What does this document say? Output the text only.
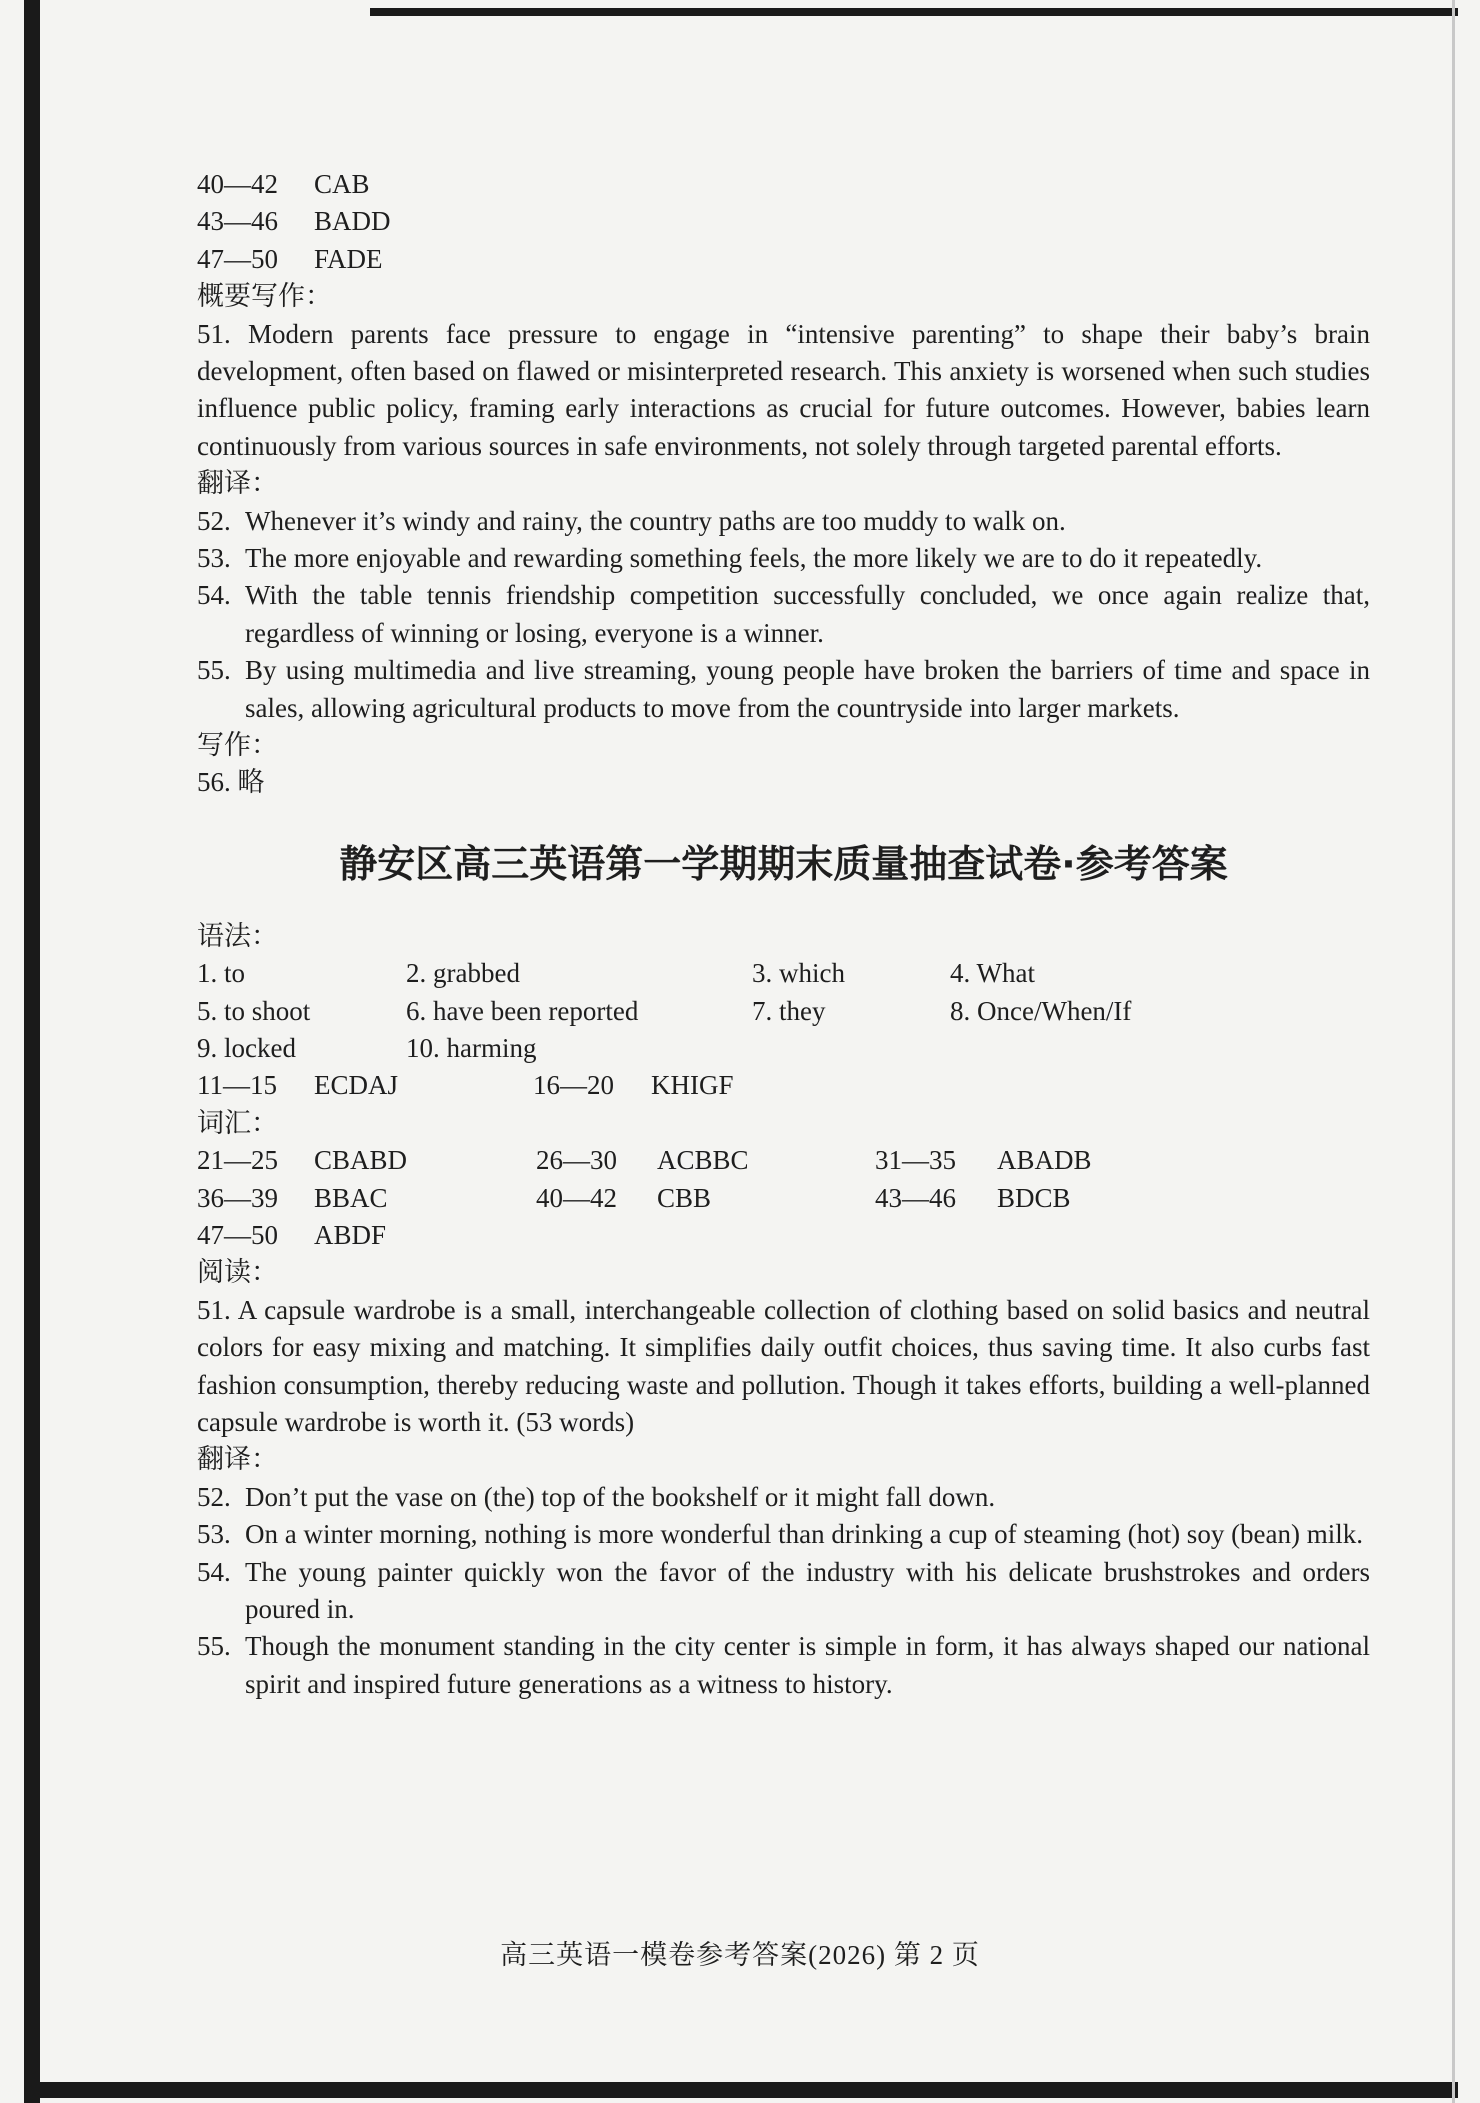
40—42 CAB
43—46 BADD
47—50 FADE
概要写作：
51. Modern parents face pressure to engage in “intensive parenting” to shape their baby’s brain development, often based on flawed or misinterpreted research. This anxiety is worsened when such studies influence public policy, framing early interactions as crucial for future outcomes. However, babies learn continuously from various sources in safe environments, not solely through targeted parental efforts.
翻译：
52. Whenever it’s windy and rainy, the country paths are too muddy to walk on.
53. The more enjoyable and rewarding something feels, the more likely we are to do it repeatedly.
54. With the table tennis friendship competition successfully concluded, we once again realize that, regardless of winning or losing, everyone is a winner.
55. By using multimedia and live streaming, young people have broken the barriers of time and space in sales, allowing agricultural products to move from the countryside into larger markets.
写作：
56. 略
静安区高三英语第一学期期末质量抽查试卷·参考答案
语法：
1. to	2. grabbed	3. which	4. What
5. to shoot	6. have been reported	7. they	8. Once/When/If
9. locked	10. harming
11—15 ECDAJ	16—20 KHIGF
词汇：
21—25 CBABD	26—30 ACBBC	31—35 ABADB
36—39 BBAC	40—42 CBB	43—46 BDCB
47—50 ABDF
阅读：
51. A capsule wardrobe is a small, interchangeable collection of clothing based on solid basics and neutral colors for easy mixing and matching. It simplifies daily outfit choices, thus saving time. It also curbs fast fashion consumption, thereby reducing waste and pollution. Though it takes efforts, building a well-planned capsule wardrobe is worth it. (53 words)
翻译：
52. Don’t put the vase on (the) top of the bookshelf or it might fall down.
53. On a winter morning, nothing is more wonderful than drinking a cup of steaming (hot) soy (bean) milk.
54. The young painter quickly won the favor of the industry with his delicate brushstrokes and orders poured in.
55. Though the monument standing in the city center is simple in form, it has always shaped our national spirit and inspired future generations as a witness to history.
高三英语一模卷参考答案(2026) 第 2 页
